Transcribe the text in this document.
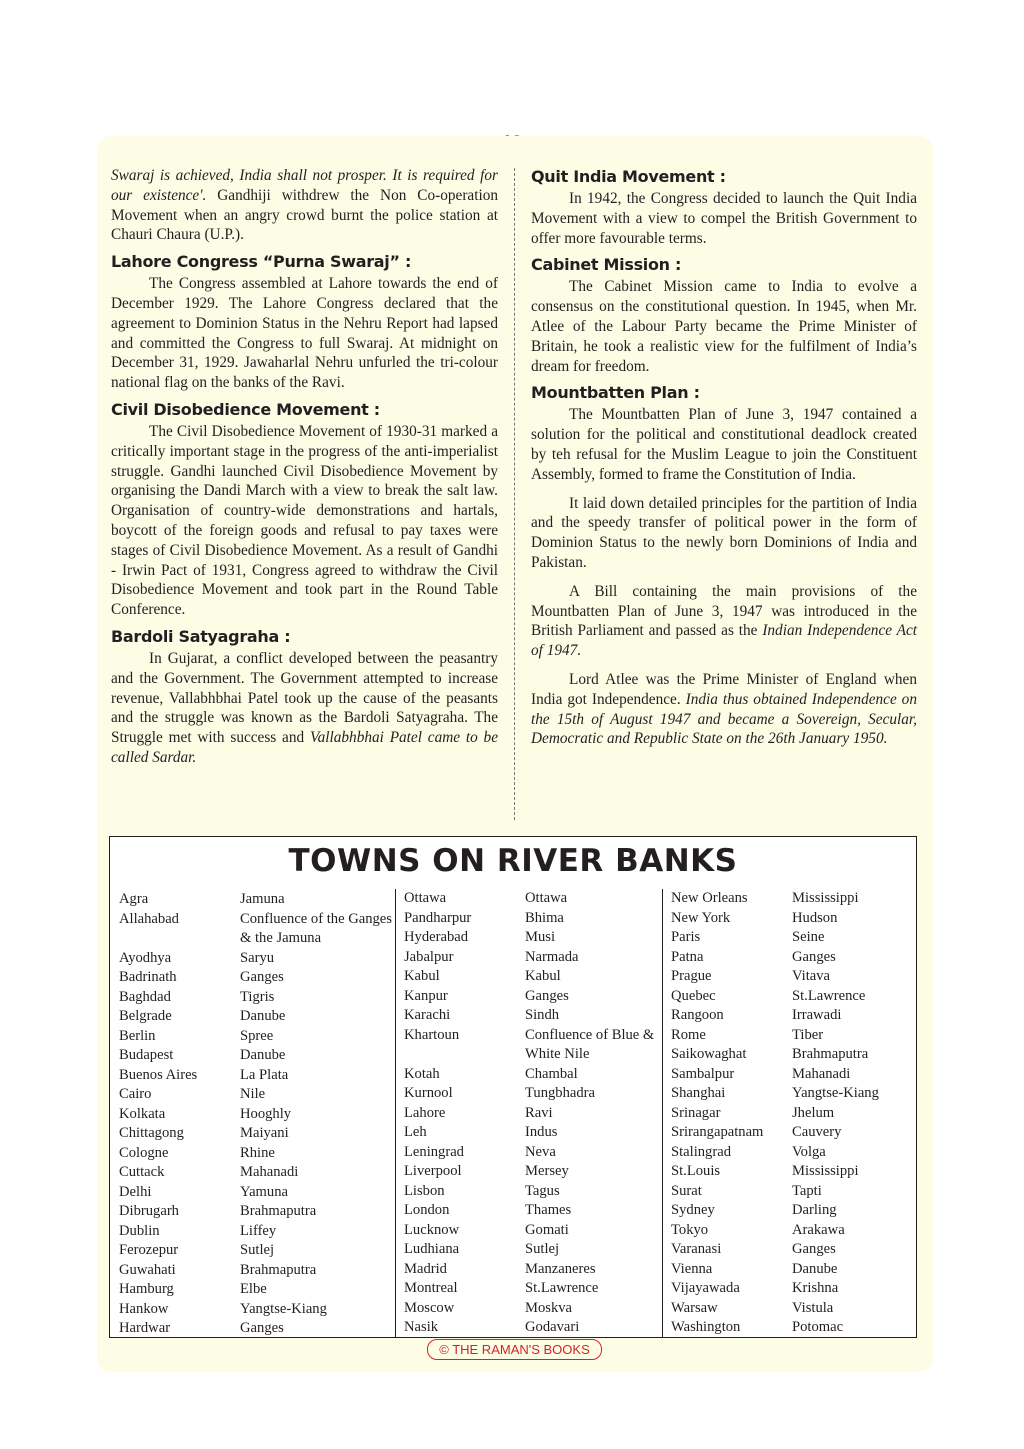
Swaraj is achieved, India shall not prosper. It is required for our existence'. Gandhiji withdrew the Non Co-operation Movement when an angry crowd burnt the police station at Chauri Chaura (U.P.).

Lahore Congress “Purna Swaraj” :

The Congress assembled at Lahore towards the end of December 1929. The Lahore Congress declared that the agreement to Dominion Status in the Nehru Report had lapsed and committed the Congress to full Swaraj. At midnight on December 31, 1929. Jawaharlal Nehru unfurled the tri-colour national flag on the banks of the Ravi.

Civil Disobedience Movement :

The Civil Disobedience Movement of 1930-31 marked a critically important stage in the progress of the anti-imperialist struggle. Gandhi launched Civil Disobedience Movement by organising the Dandi March with a view to break the salt law. Organisation of country-wide demonstrations and hartals, boycott of the foreign goods and refusal to pay taxes were stages of Civil Disobedience Movement. As a result of Gandhi - Irwin Pact of 1931, Congress agreed to withdraw the Civil Disobedience Movement and took part in the Round Table Conference.

Bardoli Satyagraha :

In Gujarat, a conflict developed between the peasantry and the Government. The Government attempted to increase revenue, Vallabhbhai Patel took up the cause of the peasants and the struggle was known as the Bardoli Satyagraha. The Struggle met with success and Vallabhbhai Patel came to be called Sardar.

Quit India Movement :

In 1942, the Congress decided to launch the Quit India Movement with a view to compel the British Government to offer more favourable terms.

Cabinet Mission :

The Cabinet Mission came to India to evolve a consensus on the constitutional question. In 1945, when Mr. Atlee of the Labour Party became the Prime Minister of Britain, he took a realistic view for the fulfilment of India’s dream for freedom.

Mountbatten Plan :

The Mountbatten Plan of June 3, 1947 contained a solution for the political and constitutional deadlock created by teh refusal for the Muslim League to join the Constituent Assembly, formed to frame the Constitution of India.

It laid down detailed principles for the partition of India and the speedy transfer of political power in the form of Dominion Status to the newly born Dominions of India and Pakistan.

A Bill containing the main provisions of the Mountbatten Plan of June 3, 1947 was introduced in the British Parliament and passed as the Indian Independence Act of 1947.

Lord Atlee was the Prime Minister of England when India got Independence. India thus obtained Independence on the 15th of August 1947 and became a Sovereign, Secular, Democratic and Republic State on the 26th January 1950.

TOWNS ON RIVER BANKS
Agra	Jamuna
Allahabad	Confluence of the Ganges & the Jamuna
Ayodhya	Saryu
Badrinath	Ganges
Baghdad	Tigris
Belgrade	Danube
Berlin	Spree
Budapest	Danube
Buenos Aires	La Plata
Cairo	Nile
Kolkata	Hooghly
Chittagong	Maiyani
Cologne	Rhine
Cuttack	Mahanadi
Delhi	Yamuna
Dibrugarh	Brahmaputra
Dublin	Liffey
Ferozepur	Sutlej
Guwahati	Brahmaputra
Hamburg	Elbe
Hankow	Yangtse-Kiang
Hardwar	Ganges
Ottawa	Ottawa
Pandharpur	Bhima
Hyderabad	Musi
Jabalpur	Narmada
Kabul	Kabul
Kanpur	Ganges
Karachi	Sindh
Khartoun	Confluence of Blue & White Nile
Kotah	Chambal
Kurnool	Tungbhadra
Lahore	Ravi
Leh	Indus
Leningrad	Neva
Liverpool	Mersey
Lisbon	Tagus
London	Thames
Lucknow	Gomati
Ludhiana	Sutlej
Madrid	Manzaneres
Montreal	St.Lawrence
Moscow	Moskva
Nasik	Godavari
New Orleans	Mississippi
New York	Hudson
Paris	Seine
Patna	Ganges
Prague	Vitava
Quebec	St.Lawrence
Rangoon	Irrawadi
Rome	Tiber
Saikowaghat	Brahmaputra
Sambalpur	Mahanadi
Shanghai	Yangtse-Kiang
Srinagar	Jhelum
Srirangapatnam	Cauvery
Stalingrad	Volga
St.Louis	Mississippi
Surat	Tapti
Sydney	Darling
Tokyo	Arakawa
Varanasi	Ganges
Vienna	Danube
Vijayawada	Krishna
Warsaw	Vistula
Washington	Potomac
© THE RAMAN'S BOOKS
